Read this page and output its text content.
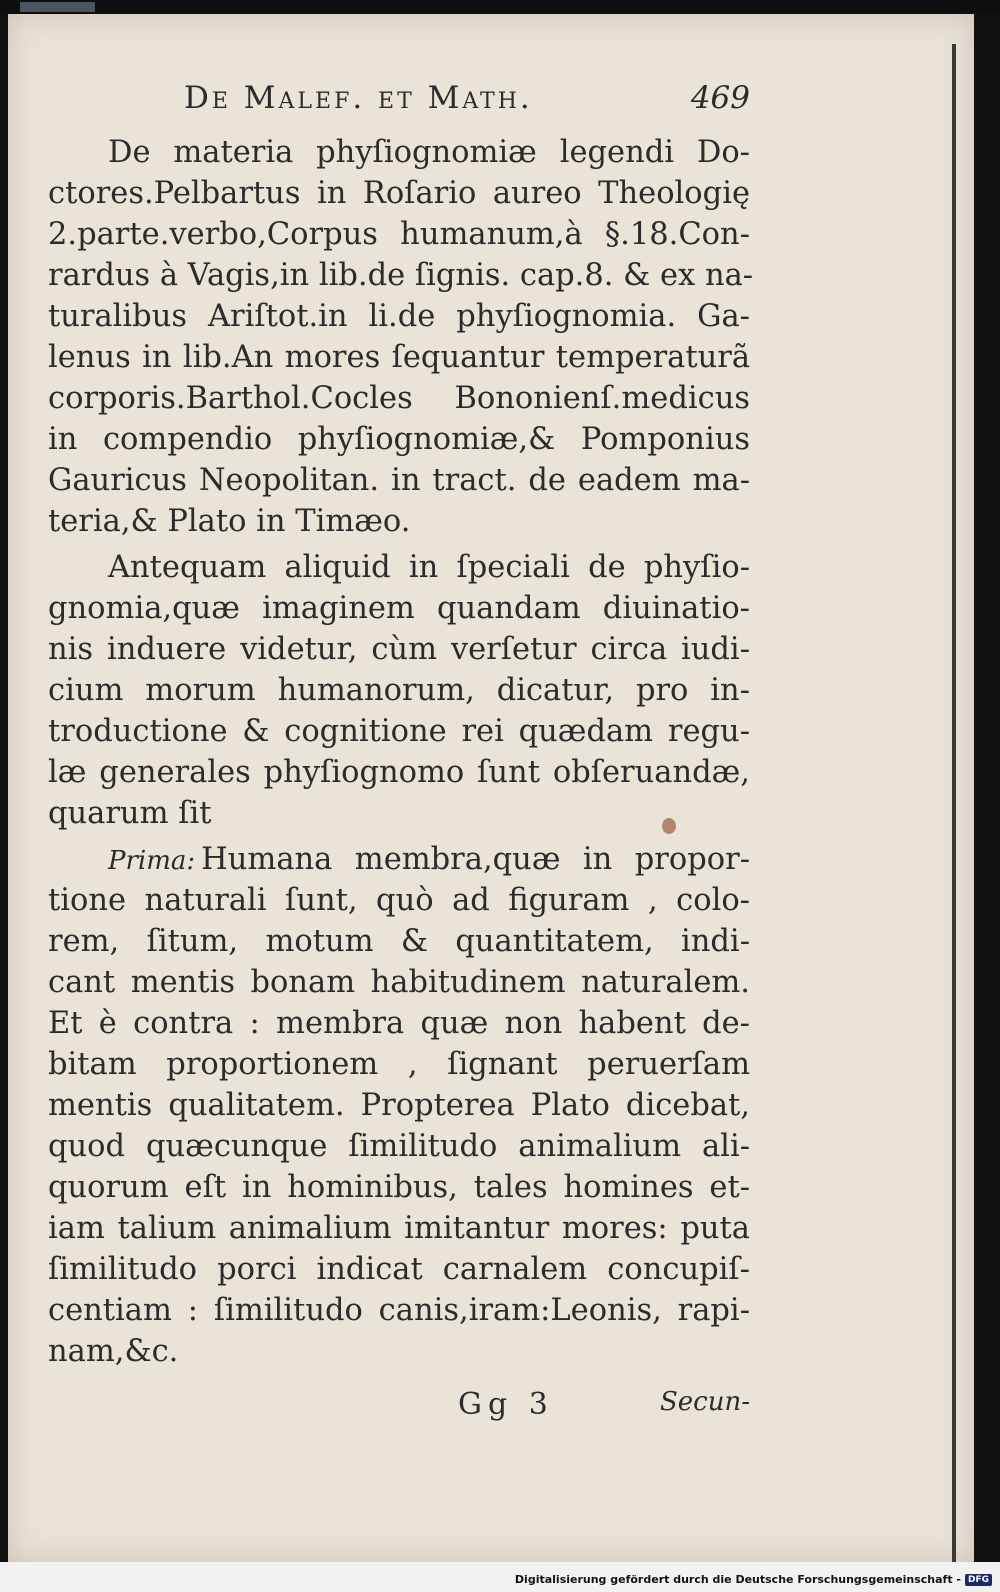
De Malef. et Math.	469
De materia phyſiognomiæ legendi Do-
ctores.Pelbartus in Roſario aureo Theologię
2.parte.verbo,Corpus humanum,à §.18.Con-
rardus à Vagis,in lib.de ſignis. cap.8. & ex na-
turalibus Ariſtot.in li.de phyſiognomia. Ga-
lenus in lib.An mores ſequantur temperaturã
corporis.Barthol.Cocles Bononienſ.medicus
in compendio phyſiognomiæ,& Pomponius
Gauricus Neopolitan. in tract. de eadem ma-
teria,& Plato in Timæo.
Antequam aliquid in ſpeciali de phyſio-
gnomia,quæ imaginem quandam diuinatio-
nis induere videtur, cùm verſetur circa iudi-
cium morum humanorum, dicatur, pro in-
troductione & cognitione rei quædam regu-
læ generales phyſiognomo ſunt obſeruandæ,
quarum ſit
Prima: Humana membra,quæ in propor-
tione naturali ſunt, quò ad figuram , colo-
rem, ſitum, motum & quantitatem, indi-
cant mentis bonam habitudinem naturalem.
Et è contra : membra quæ non habent de-
bitam proportionem , ſignant peruerſam
mentis qualitatem. Propterea Plato dicebat,
quod quæcunque ſimilitudo animalium ali-
quorum eſt in hominibus, tales homines et-
iam talium animalium imitantur mores: puta
ſimilitudo porci indicat carnalem concupiſ-
centiam : ſimilitudo canis,iram:Leonis, rapi-
nam,&c.
Gg 3	Secun-
Digitalisierung gefördert durch die Deutsche Forschungsgemeinschaft - DFG
